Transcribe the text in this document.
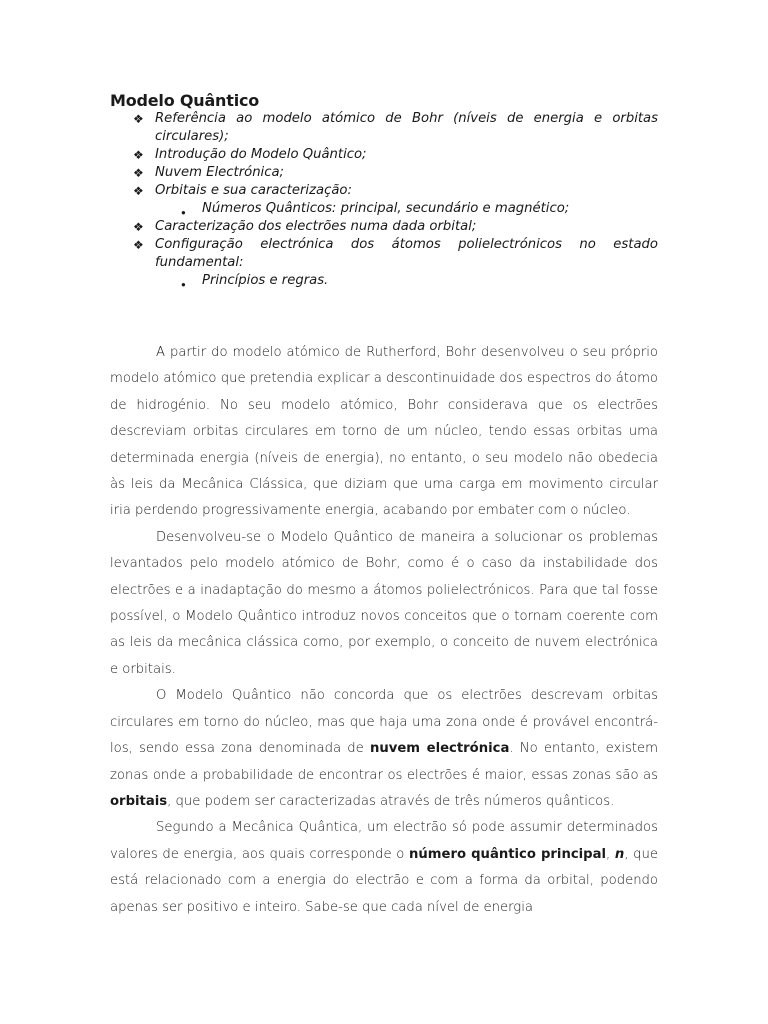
Modelo Quântico
❖ Referência ao modelo atómico de Bohr (níveis de energia e orbitas circulares);
❖ Introdução do Modelo Quântico;
❖ Nuvem Electrónica;
❖ Orbitais e sua caracterização:
● Números Quânticos: principal, secundário e magnético;
❖ Caracterização dos electrões numa dada orbital;
❖ Configuração electrónica dos átomos polielectrónicos no estado fundamental:
● Princípios e regras.

A partir do modelo atómico de Rutherford, Bohr desenvolveu o seu próprio modelo atómico que pretendia explicar a descontinuidade dos espectros do átomo de hidrogénio. No seu modelo atómico, Bohr considerava que os electrões descreviam orbitas circulares em torno de um núcleo, tendo essas orbitas uma determinada energia (níveis de energia), no entanto, o seu modelo não obedecia às leis da Mecânica Clássica, que diziam que uma carga em movimento circular iria perdendo progressivamente energia, acabando por embater com o núcleo.

Desenvolveu-se o Modelo Quântico de maneira a solucionar os problemas levantados pelo modelo atómico de Bohr, como é o caso da instabilidade dos electrões e a inadaptação do mesmo a átomos polielectrónicos. Para que tal fosse possível, o Modelo Quântico introduz novos conceitos que o tornam coerente com as leis da mecânica clássica como, por exemplo, o conceito de nuvem electrónica e orbitais.

O Modelo Quântico não concorda que os electrões descrevam orbitas circulares em torno do núcleo, mas que haja uma zona onde é provável encontrá-los, sendo essa zona denominada de nuvem electrónica. No entanto, existem zonas onde a probabilidade de encontrar os electrões é maior, essas zonas são as orbitais, que podem ser caracterizadas através de três números quânticos.

Segundo a Mecânica Quântica, um electrão só pode assumir determinados valores de energia, aos quais corresponde o número quântico principal, n, que está relacionado com a energia do electrão e com a forma da orbital, podendo apenas ser positivo e inteiro. Sabe-se que cada nível de energia
